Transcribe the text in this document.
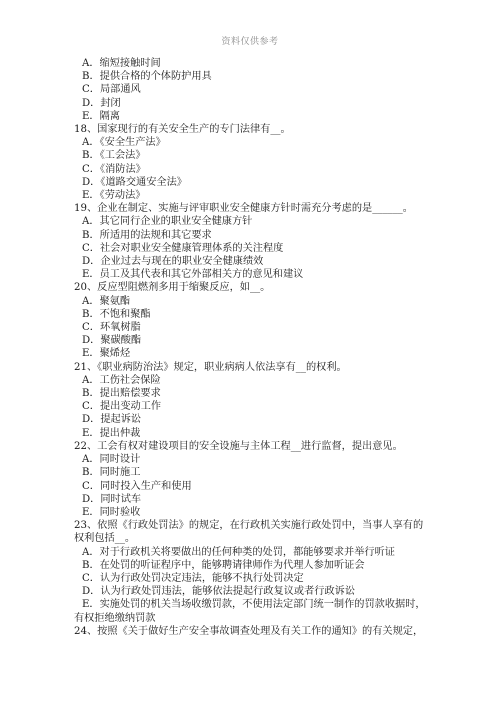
资料仅供参考
A．缩短接触时间
B．提供合格的个体防护用具
C．局部通风
D．封闭
E．隔离
18、国家现行的有关安全生产的专门法律有__。
A．《安全生产法》
B．《工会法》
C．《消防法》
D．《道路交通安全法》
E．《劳动法》
19、企业在制定、实施与评审职业安全健康方针时需充分考虑的是______。
A．其它同行企业的职业安全健康方针
B．所适用的法规和其它要求
C．社会对职业安全健康管理体系的关注程度
D．企业过去与现在的职业安全健康绩效
E．员工及其代表和其它外部相关方的意见和建议
20、反应型阻燃剂多用于缩聚反应，如__。
A．聚氨酯
B．不饱和聚酯
C．环氧树脂
D．聚碳酸酯
E．聚烯烃
21、《职业病防治法》规定，职业病病人依法享有__的权利。
A．工伤社会保险
B．提出赔偿要求
C．提出变动工作
D．提起诉讼
E．提出仲裁
22、工会有权对建设项目的安全设施与主体工程__进行监督，提出意见。
A．同时设计
B．同时施工
C．同时投入生产和使用
D．同时试车
E．同时验收
23、依照《行政处罚法》的规定，在行政机关实施行政处罚中，当事人享有的
权利包括__。
A．对于行政机关将要做出的任何种类的处罚，都能够要求并举行听证
B．在处罚的听证程序中，能够聘请律师作为代理人参加听证会
C．认为行政处罚决定违法，能够不执行处罚决定
D．认为行政处罚违法，能够依法提起行政复议或者行政诉讼
E．实施处罚的机关当场收缴罚款，不使用法定部门统一制作的罚款收据时，
有权拒绝缴纳罚款
24、按照《关于做好生产安全事故调查处理及有关工作的通知》的有关规定，
